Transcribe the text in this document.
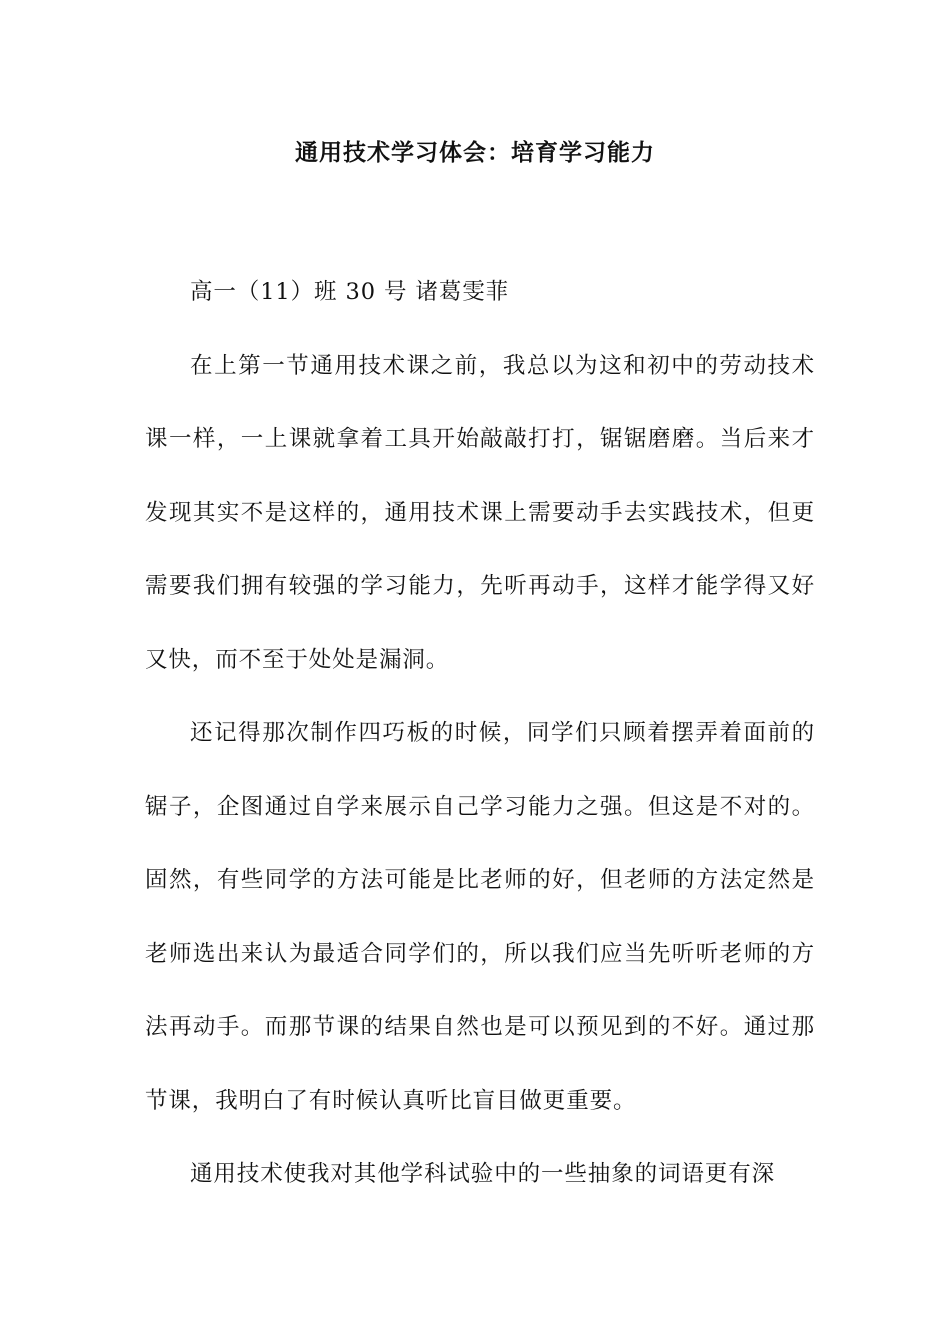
通用技术学习体会：培育学习能力

高一（11）班 30 号 诸葛雯菲

在上第一节通用技术课之前，我总以为这和初中的劳动技术课一样，一上课就拿着工具开始敲敲打打，锯锯磨磨。当后来才发现其实不是这样的，通用技术课上需要动手去实践技术，但更需要我们拥有较强的学习能力，先听再动手，这样才能学得又好又快，而不至于处处是漏洞。

还记得那次制作四巧板的时候，同学们只顾着摆弄着面前的锯子，企图通过自学来展示自己学习能力之强。但这是不对的。固然，有些同学的方法可能是比老师的好，但老师的方法定然是老师选出来认为最适合同学们的，所以我们应当先听听老师的方法再动手。而那节课的结果自然也是可以预见到的不好。通过那节课，我明白了有时候认真听比盲目做更重要。

通用技术使我对其他学科试验中的一些抽象的词语更有深
